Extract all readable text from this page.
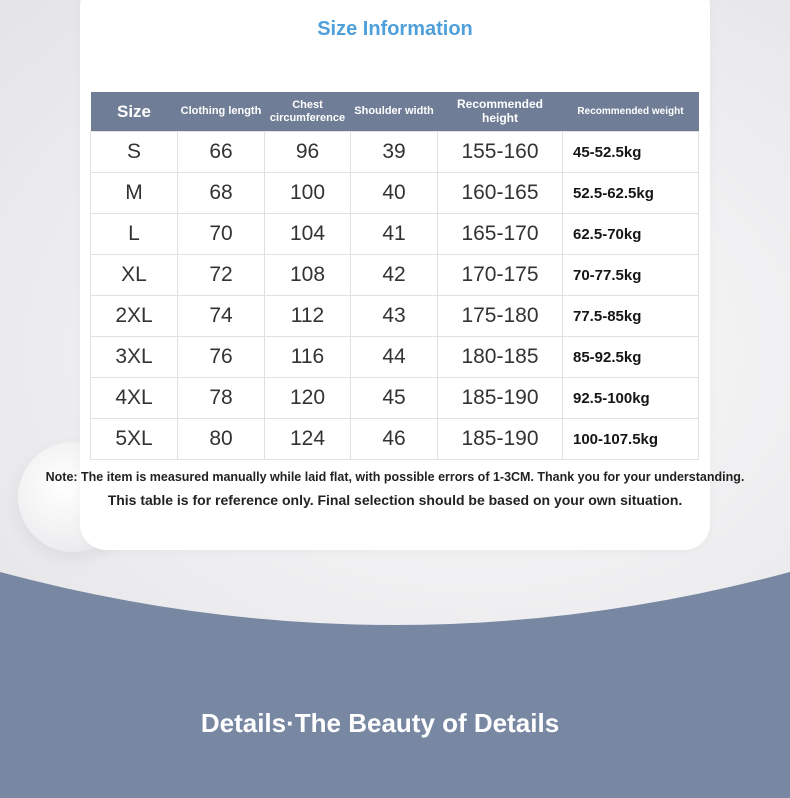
Size Information
Size	Clothing length	Chest circumference	Shoulder width	Recommended height	Recommended weight
S	66	96	39	155-160	45-52.5kg
M	68	100	40	160-165	52.5-62.5kg
L	70	104	41	165-170	62.5-70kg
XL	72	108	42	170-175	70-77.5kg
2XL	74	112	43	175-180	77.5-85kg
3XL	76	116	44	180-185	85-92.5kg
4XL	78	120	45	185-190	92.5-100kg
5XL	80	124	46	185-190	100-107.5kg
Note: The item is measured manually while laid flat, with possible errors of 1-3CM. Thank you for your understanding.
This table is for reference only. Final selection should be based on your own situation.
Details·The Beauty of Details
